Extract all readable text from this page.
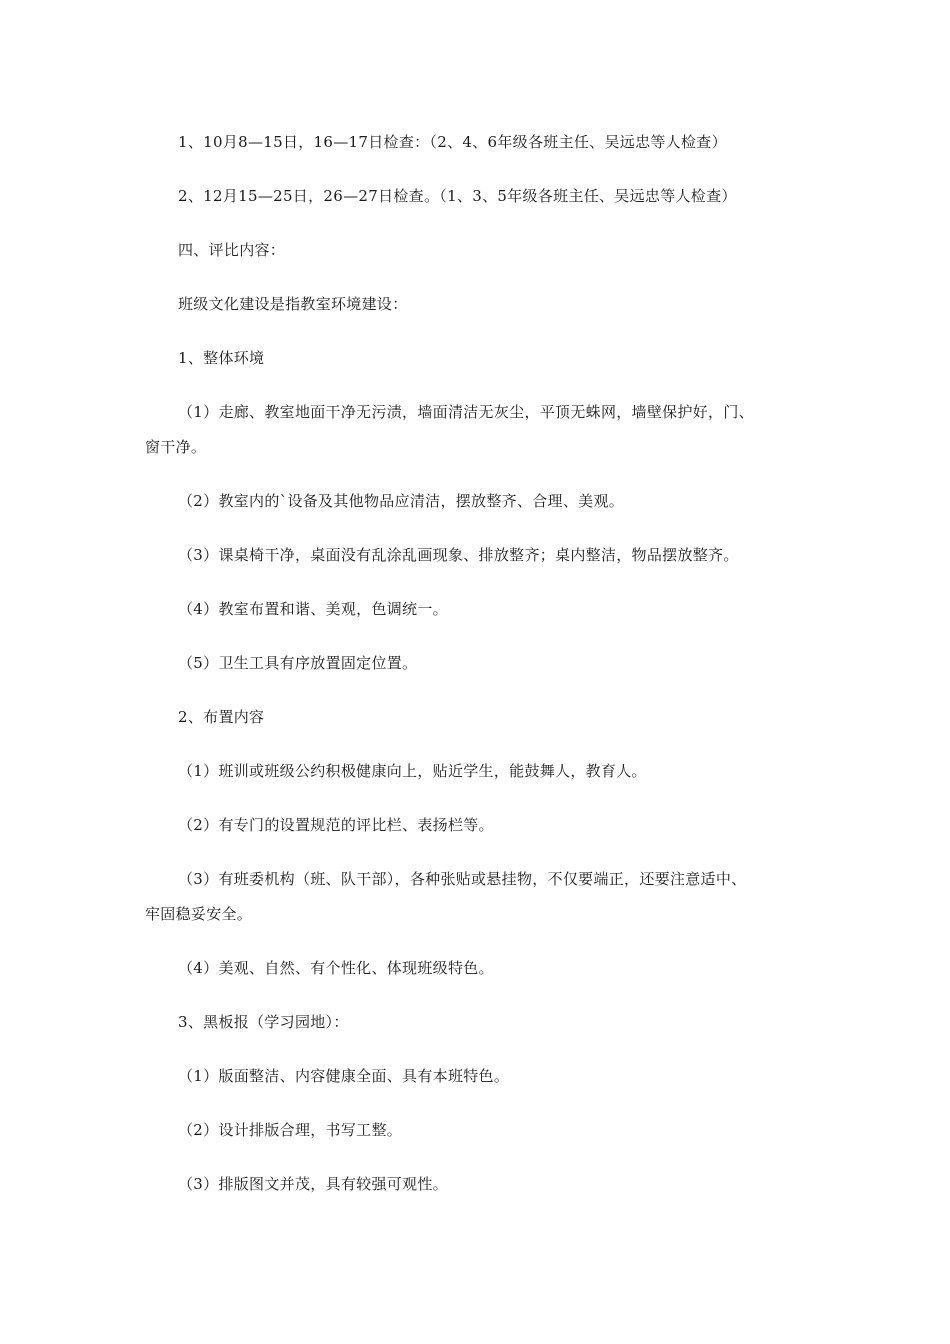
1、10月8—15日，16—17日检查：（2、4、6年级各班主任、吴远忠等人检查）
2、12月15—25日，26—27日检查。（1、3、5年级各班主任、吴远忠等人检查）
四、评比内容：
班级文化建设是指教室环境建设：
1、整体环境
（1）走廊、教室地面干净无污渍，墙面清洁无灰尘，平顶无蛛网，墙壁保护好，门、
窗干净。
（2）教室内的`设备及其他物品应清洁，摆放整齐、合理、美观。
（3）课桌椅干净，桌面没有乱涂乱画现象、排放整齐；桌内整洁，物品摆放整齐。
（4）教室布置和谐、美观，色调统一。
（5）卫生工具有序放置固定位置。
2、布置内容
（1）班训或班级公约积极健康向上，贴近学生，能鼓舞人，教育人。
（2）有专门的设置规范的评比栏、表扬栏等。
（3）有班委机构（班、队干部），各种张贴或悬挂物，不仅要端正，还要注意适中、
牢固稳妥安全。
（4）美观、自然、有个性化、体现班级特色。
3、黑板报（学习园地）：
（1）版面整洁、内容健康全面、具有本班特色。
（2）设计排版合理，书写工整。
（3）排版图文并茂，具有较强可观性。
